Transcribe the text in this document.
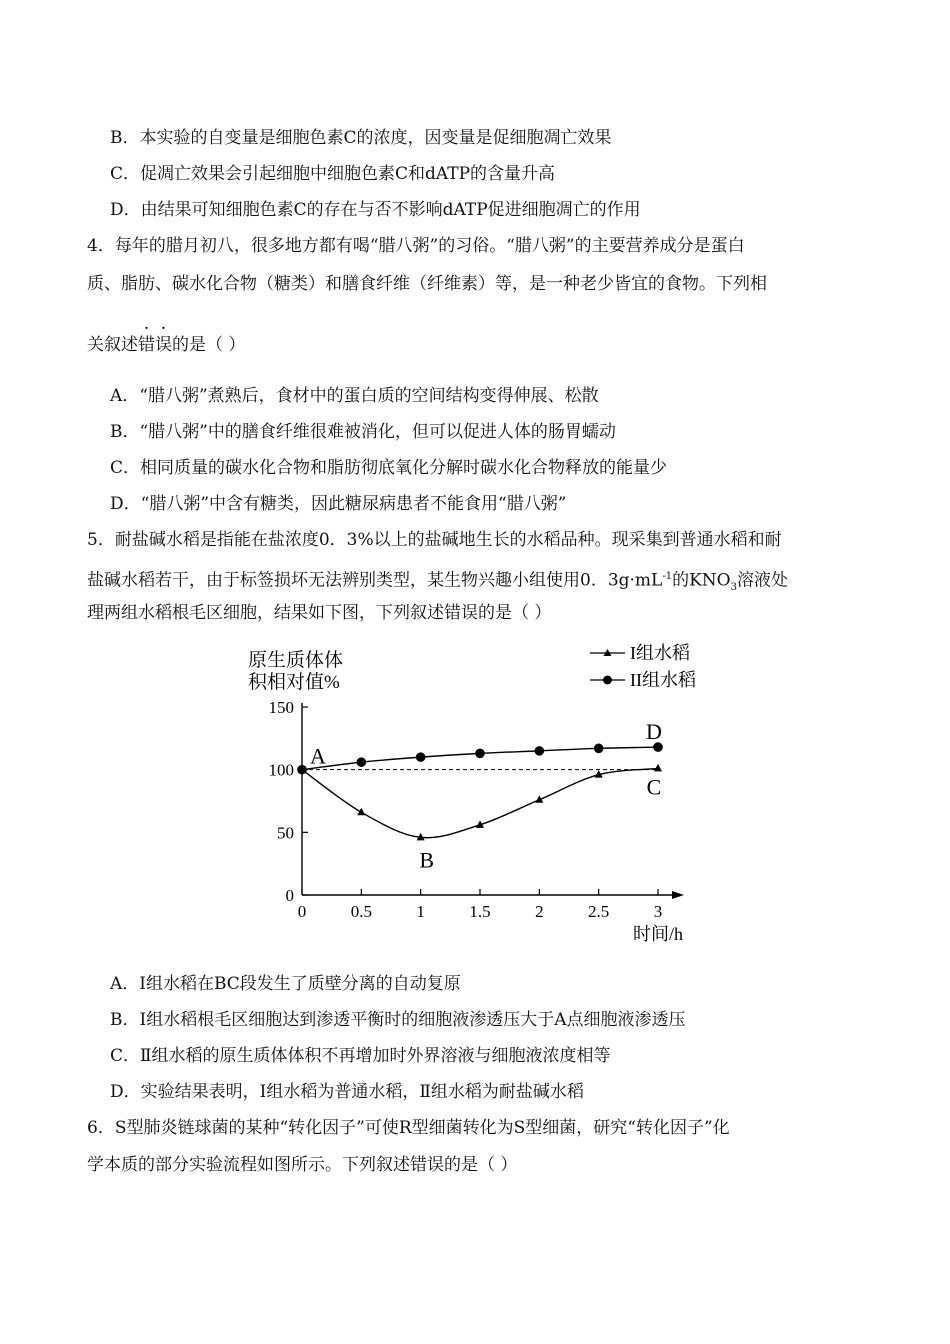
B．本实验的自变量是细胞色素C的浓度，因变量是促细胞凋亡效果
C．促凋亡效果会引起细胞中细胞色素C和dATP的含量升高
D．由结果可知细胞色素C的存在与否不影响dATP促进细胞凋亡的作用
4．每年的腊月初八，很多地方都有喝“腊八粥”的习俗。“腊八粥”的主要营养成分是蛋白
质、脂肪、碳水化合物（糖类）和膳食纤维（纤维素）等，是一种老少皆宜的食物。下列相
关叙述错误的是（ ）
A．“腊八粥”煮熟后，食材中的蛋白质的空间结构变得伸展、松散
B．“腊八粥”中的膳食纤维很难被消化，但可以促进人体的肠胃蠕动
C．相同质量的碳水化合物和脂肪彻底氧化分解时碳水化合物释放的能量少
D．“腊八粥”中含有糖类，因此糖尿病患者不能食用“腊八粥”
5．耐盐碱水稻是指能在盐浓度0．3%以上的盐碱地生长的水稻品种。现采集到普通水稻和耐
盐碱水稻若干，由于标签损坏无法辨别类型，某生物兴趣小组使用0．$3g\cdot mL^{-1}$的$KNO_3$溶液处
理两组水稻根毛区细胞，结果如下图，下列叙述错误的是（ ）
原生质体体
积相对值%
I组水稻
II组水稻
0	0.5	1	1.5	2	2.5	3
0
50
100
150
A
B
C
D
时间/h
A．Ⅰ组水稻在BC段发生了质壁分离的自动复原
B．Ⅰ组水稻根毛区细胞达到渗透平衡时的细胞液渗透压大于A点细胞液渗透压
C．Ⅱ组水稻的原生质体体积不再增加时外界溶液与细胞液浓度相等
D．实验结果表明，Ⅰ组水稻为普通水稻，Ⅱ组水稻为耐盐碱水稻
6．S型肺炎链球菌的某种“转化因子”可使R型细菌转化为S型细菌，研究“转化因子”化
学本质的部分实验流程如图所示。下列叙述错误的是（ ）
